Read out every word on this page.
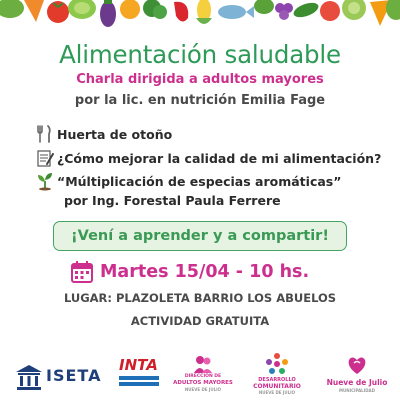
Alimentación saludable
Charla dirigida a adultos mayores
por la lic. en nutrición Emilia Fage
Huerta de otoño
¿Cómo mejorar la calidad de mi alimentación?
“Múltiplicación de especias aromáticas”
por Ing. Forestal Paula Ferrere
¡Vení a aprender y a compartir!
Martes 15/04 - 10 hs.
LUGAR: PLAZOLETA BARRIO LOS ABUELOS
ACTIVIDAD GRATUITA
ISETA
INTA
DIRECCIÓN DE
ADULTOS MAYORES
NUEVE DE JULIO
DESARROLLO
COMUNITARIO
NUEVE DE JULIO
Nueve de Julio
MUNICIPALIDAD
